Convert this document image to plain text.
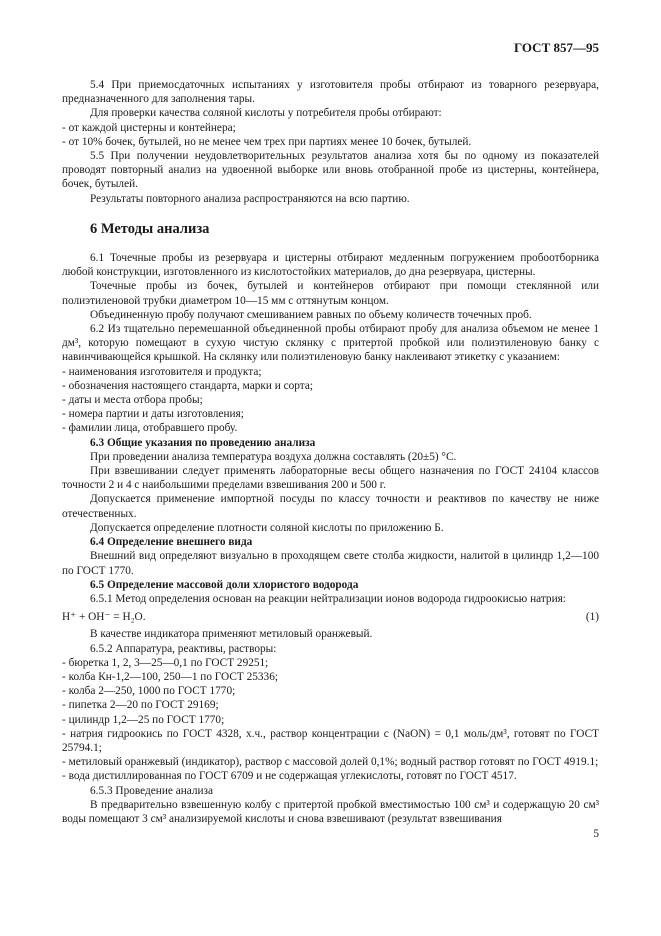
ГОСТ 857—95

5.4 При приемосдаточных испытаниях у изготовителя пробы отбирают из товарного резервуара, предназначенного для заполнения тары.

Для проверки качества соляной кислоты у потребителя пробы отбирают:

- от каждой цистерны и контейнера;

- от 10% бочек, бутылей, но не менее чем трех при партиях менее 10 бочек, бутылей.

5.5 При получении неудовлетворительных результатов анализа хотя бы по одному из показателей проводят повторный анализ на удвоенной выборке или вновь отобранной пробе из цистерны, контейнера, бочек, бутылей.

Результаты повторного анализа распространяются на всю партию.

6 Методы анализа

6.1 Точечные пробы из резервуара и цистерны отбирают медленным погружением пробоотборника любой конструкции, изготовленного из кислотостойких материалов, до дна резервуара, цистерны.

Точечные пробы из бочек, бутылей и контейнеров отбирают при помощи стеклянной или полиэтиленовой трубки диаметром 10—15 мм с оттянутым концом.

Объединенную пробу получают смешиванием равных по объему количеств точечных проб.

6.2 Из тщательно перемешанной объединенной пробы отбирают пробу для анализа объемом не менее 1 дм³, которую помещают в сухую чистую склянку с притертой пробкой или полиэтиленовую банку с навинчивающейся крышкой. На склянку или полиэтиленовую банку наклеивают этикетку с указанием:

- наименования изготовителя и продукта;

- обозначения настоящего стандарта, марки и сорта;

- даты и места отбора пробы;

- номера партии и даты изготовления;

- фамилии лица, отобравшего пробу.

6.3 Общие указания по проведению анализа

При проведении анализа температура воздуха должна составлять (20±5) °С.

При взвешивании следует применять лабораторные весы общего назначения по ГОСТ 24104 классов точности 2 и 4 с наибольшими пределами взвешивания 200 и 500 г.

Допускается применение импортной посуды по классу точности и реактивов по качеству не ниже отечественных.

Допускается определение плотности соляной кислоты по приложению Б.

6.4 Определение внешнего вида

Внешний вид определяют визуально в проходящем свете столба жидкости, налитой в цилиндр 1,2—100 по ГОСТ 1770.

6.5 Определение массовой доли хлористого водорода

6.5.1 Метод определения основан на реакции нейтрализации ионов водорода гидроокисью натрия:

H⁺ + OH⁻ = H₂O.	(1)

В качестве индикатора применяют метиловый оранжевый.

6.5.2 Аппаратура, реактивы, растворы:

- бюретка 1, 2, 3—25—0,1 по ГОСТ 29251;

- колба Кн-1,2—100, 250—1 по ГОСТ 25336;

- колба 2—250, 1000 по ГОСТ 1770;

- пипетка 2—20 по ГОСТ 29169;

- цилиндр 1,2—25 по ГОСТ 1770;

- натрия гидроокись по ГОСТ 4328, х.ч., раствор концентрации с (NaON) = 0,1 моль/дм³, готовят по ГОСТ 25794.1;

- метиловый оранжевый (индикатор), раствор с массовой долей 0,1%; водный раствор готовят по ГОСТ 4919.1;

- вода дистиллированная по ГОСТ 6709 и не содержащая углекислоты, готовят по ГОСТ 4517.

6.5.3 Проведение анализа

В предварительно взвешенную колбу с притертой пробкой вместимостью 100 см³ и содержащую 20 см³ воды помещают 3 см³ анализируемой кислоты и снова взвешивают (результат взвешивания

5
